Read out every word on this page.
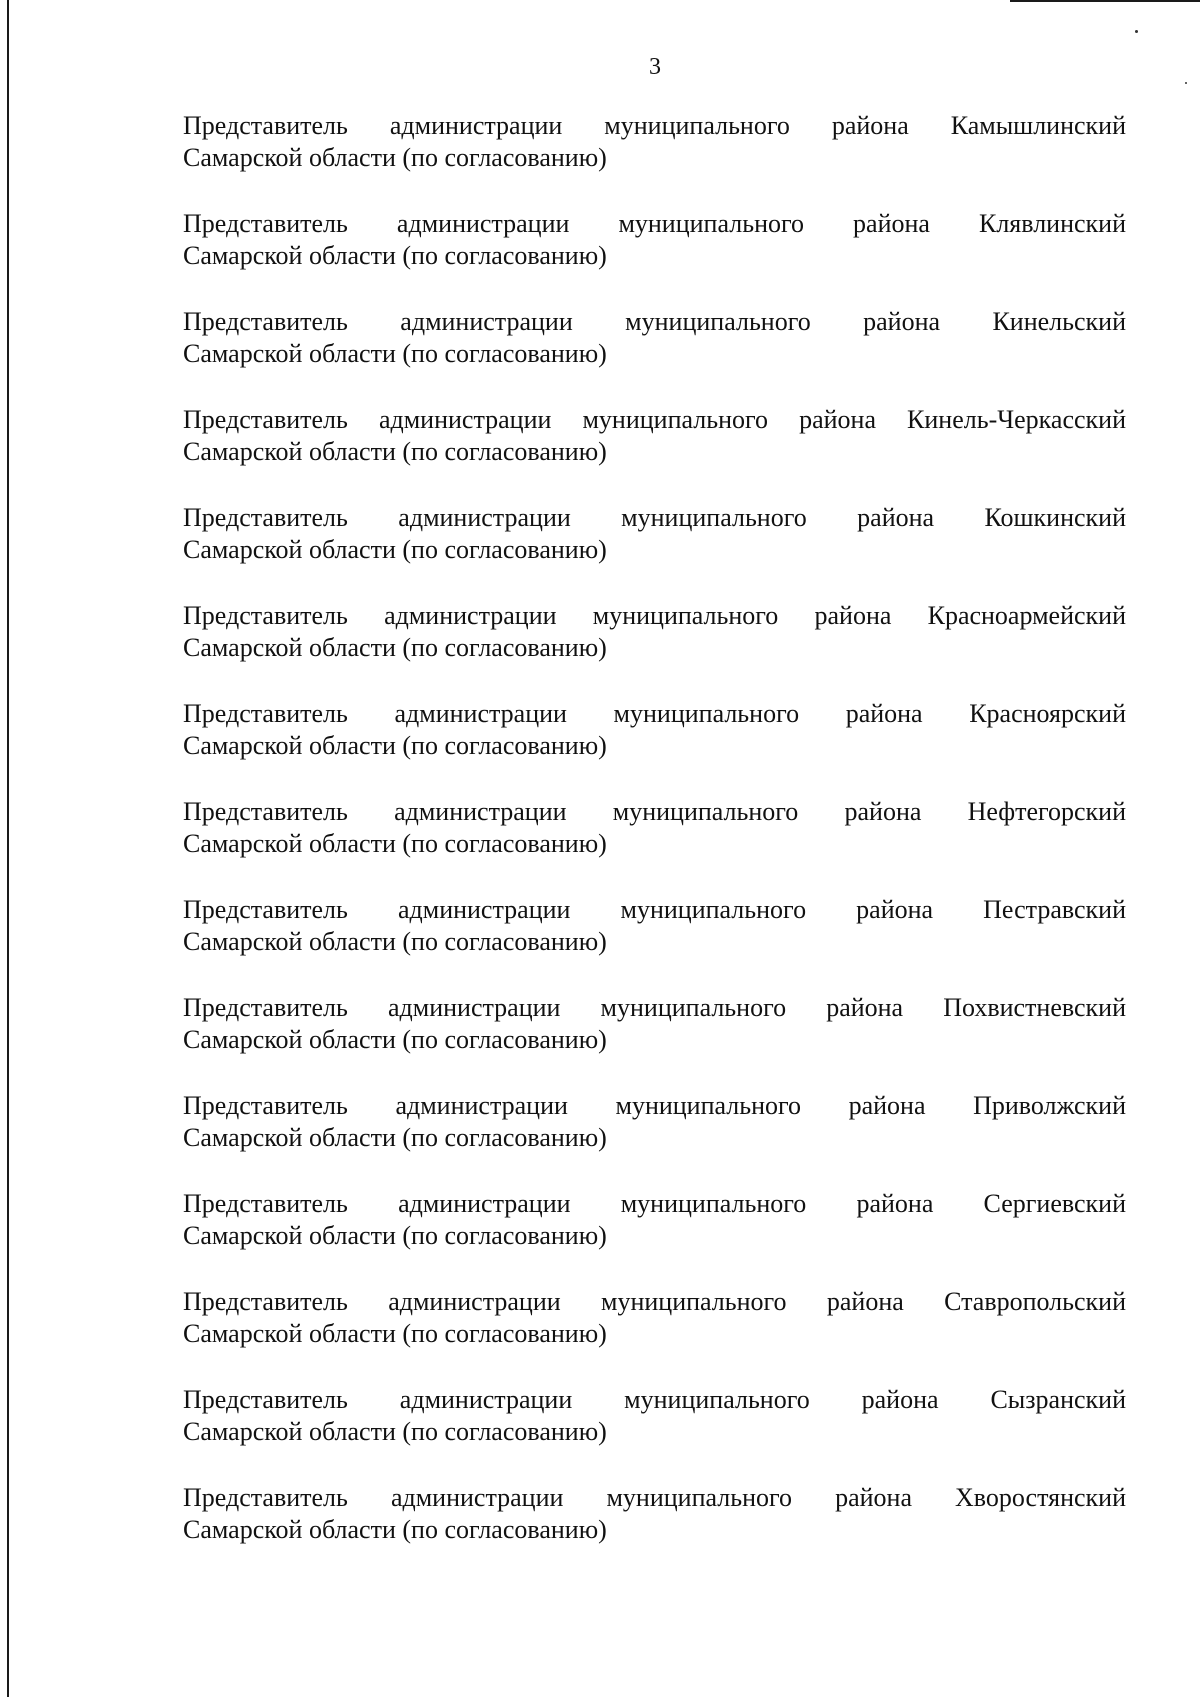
3

Представитель администрации муниципального района Камышлинский
Самарской области (по согласованию)
Представитель администрации муниципального района Клявлинский
Самарской области (по согласованию)
Представитель администрации муниципального района Кинельский
Самарской области (по согласованию)
Представитель администрации муниципального района Кинель-Черкасский
Самарской области (по согласованию)
Представитель администрации муниципального района Кошкинский
Самарской области (по согласованию)
Представитель администрации муниципального района Красноармейский
Самарской области (по согласованию)
Представитель администрации муниципального района Красноярский
Самарской области (по согласованию)
Представитель администрации муниципального района Нефтегорский
Самарской области (по согласованию)
Представитель администрации муниципального района Пестравский
Самарской области (по согласованию)
Представитель администрации муниципального района Похвистневский
Самарской области (по согласованию)
Представитель администрации муниципального района Приволжский
Самарской области (по согласованию)
Представитель администрации муниципального района Сергиевский
Самарской области (по согласованию)
Представитель администрации муниципального района Ставропольский
Самарской области (по согласованию)
Представитель администрации муниципального района Сызранский
Самарской области (по согласованию)
Представитель администрации муниципального района Хворостянский
Самарской области (по согласованию)
